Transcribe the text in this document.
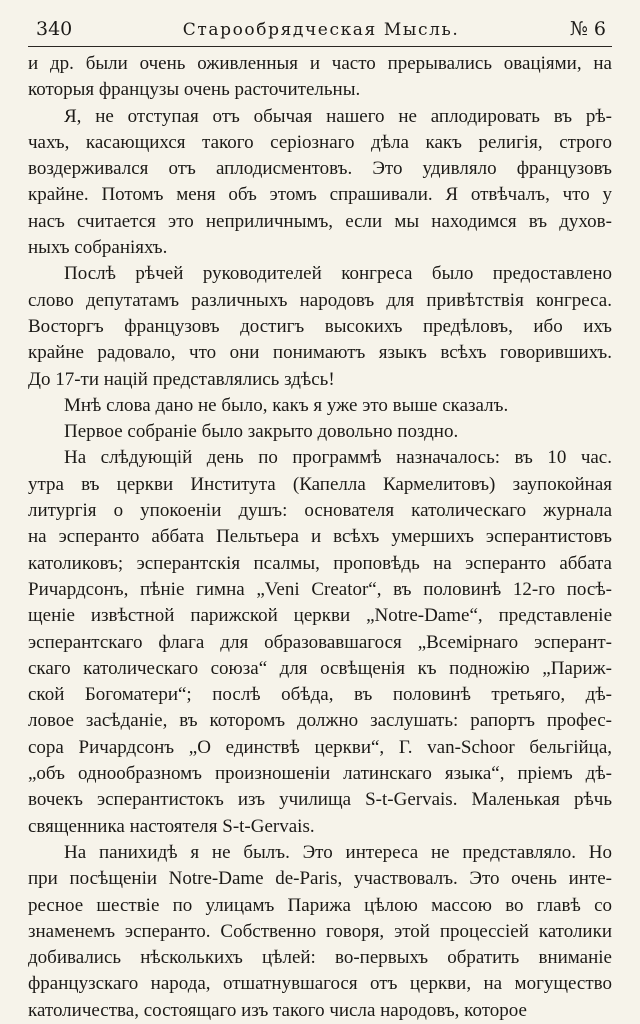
340	Старообрядческая Мысль.	№ 6
и др. были очень оживленныя и часто прерывались оваціями, на
которыя французы очень расточительны.
Я, не отступая отъ обычая нашего не аплодировать въ рѣ-
чахъ, касающихся такого серіознаго дѣла какъ религія, строго
воздерживался отъ аплодисментовъ. Это удивляло французовъ
крайне. Потомъ меня объ этомъ спрашивали. Я отвѣчалъ, что у
насъ считается это неприличнымъ, если мы находимся въ духов-
ныхъ собраніяхъ.
Послѣ рѣчей руководителей конгреса было предоставлено
слово депутатамъ различныхъ народовъ для привѣтствія конгреса.
Восторгъ французовъ достигъ высокихъ предѣловъ, ибо ихъ
крайне радовало, что они понимаютъ языкъ всѣхъ говорившихъ.
До 17-ти націй представлялись здѣсь!
Мнѣ слова дано не было, какъ я уже это выше сказалъ.
Первое собраніе было закрыто довольно поздно.
На слѣдующій день по программѣ назначалось: въ 10 час.
утра въ церкви Института (Капелла Кармелитовъ) заупокойная
литургія о упокоеніи душъ: основателя католическаго журнала
на эсперанто аббата Пельтьера и всѣхъ умершихъ эсперантистовъ
католиковъ; эсперантскія псалмы, проповѣдь на эсперанто аббата
Ричардсонъ, пѣніе гимна „Veni Creator“, въ половинѣ 12-го посѣ-
щеніе извѣстной парижской церкви „Notre-Dame“, представленіе
эсперантскаго флага для образовавшагося „Всемірнаго эсперант-
скаго католическаго союза“ для освѣщенія къ подножію „Париж-
ской Богоматери“; послѣ обѣда, въ половинѣ третьяго, дѣ-
ловое засѣданіе, въ которомъ должно заслушать: рапортъ профес-
сора Ричардсонъ „О единствѣ церкви“, Г. van-Schoor бельгійца,
„объ однообразномъ произношеніи латинскаго языка“, пріемъ дѣ-
вочекъ эсперантистокъ изъ училища S-t-Gervais. Маленькая рѣчь
священника настоятеля S-t-Gervais.
На панихидѣ я не былъ. Это интереса не представляло. Но
при посѣщеніи Notre-Dame de-Paris, участвовалъ. Это очень инте-
ресное шествіе по улицамъ Парижа цѣлою массою во главѣ со
знаменемъ эсперанто. Собственно говоря, этой процессіей католики
добивались нѣсколькихъ цѣлей: во-первыхъ обратить вниманіе
французскаго народа, отшатнувшагося отъ церкви, на могущество
католичества, состоящаго изъ такого числа народовъ, которое
